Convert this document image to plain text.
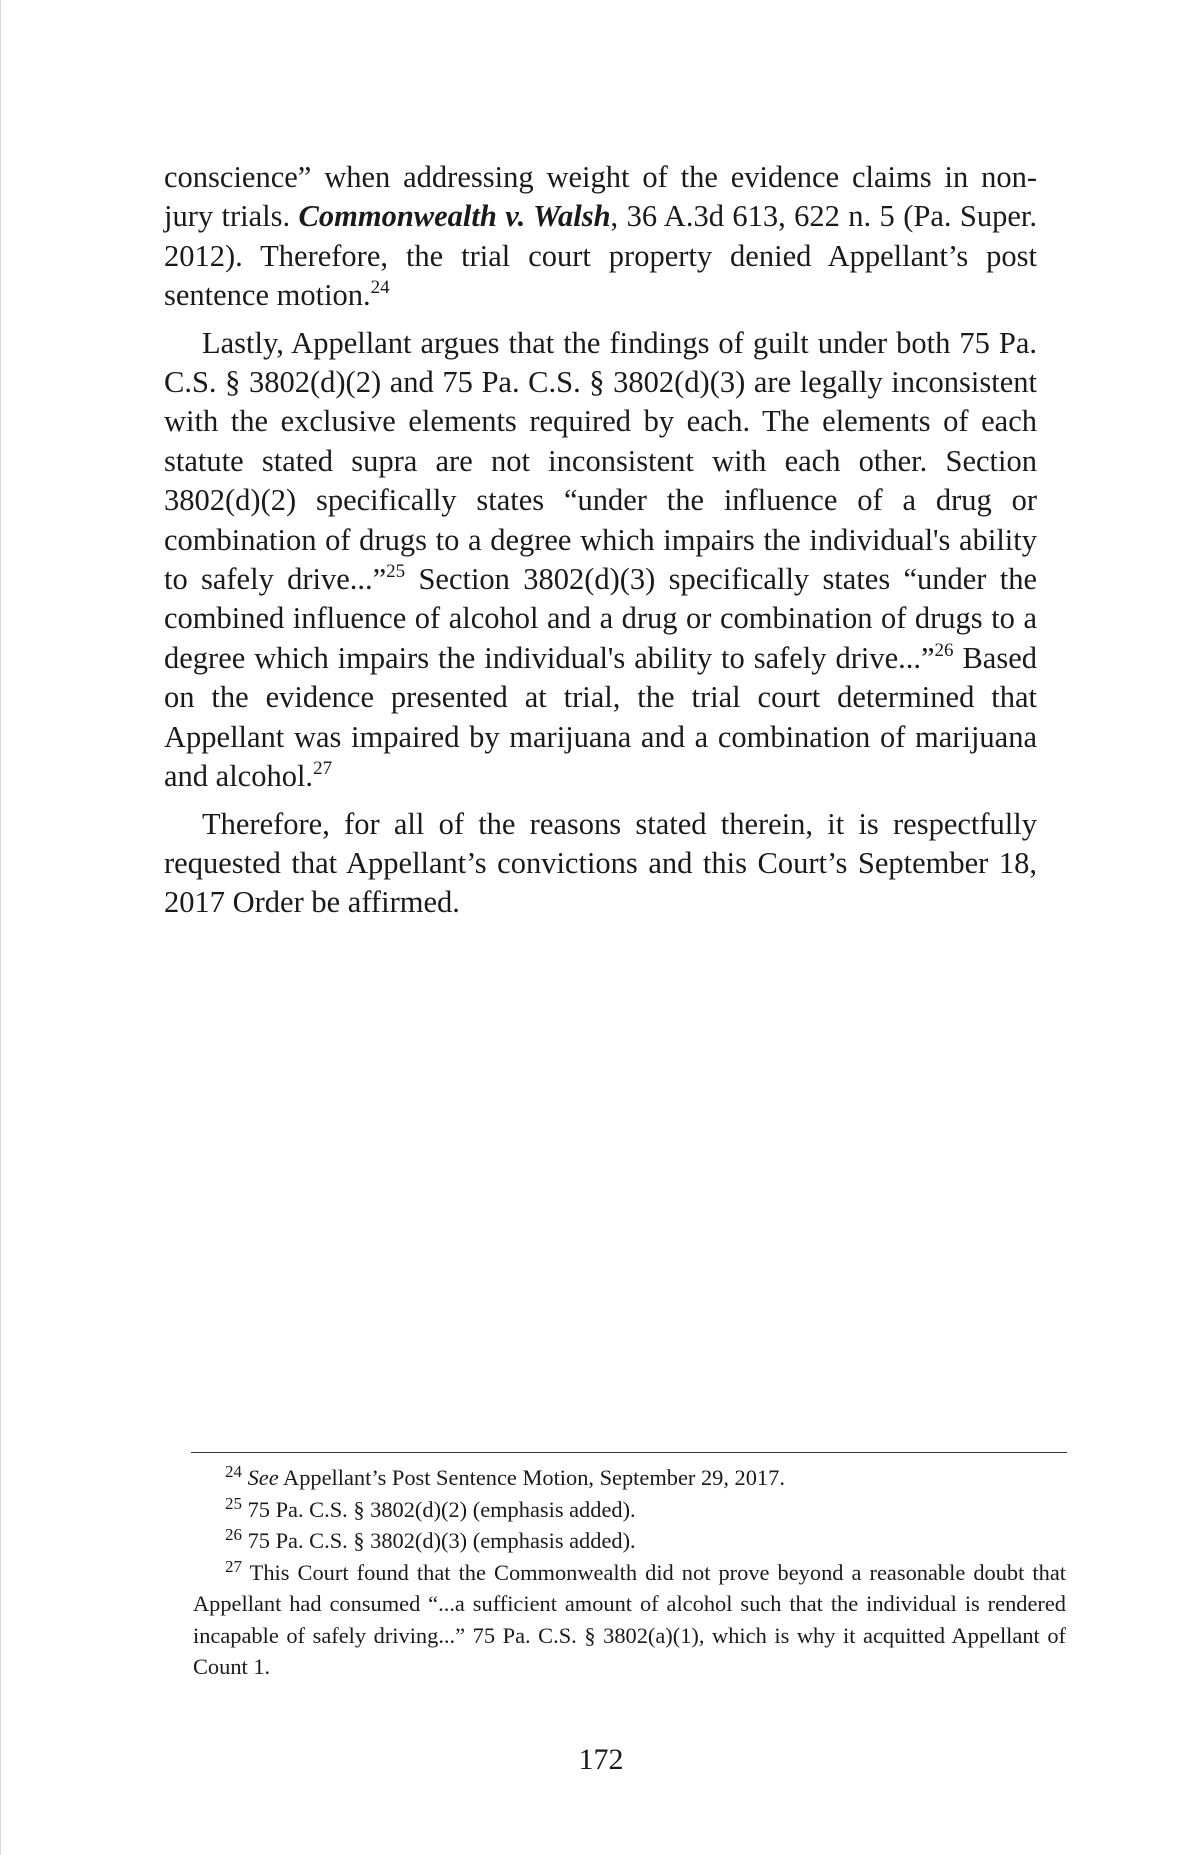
conscience” when addressing weight of the evidence claims in non-jury trials. Commonwealth v. Walsh, 36 A.3d 613, 622 n. 5 (Pa. Super. 2012). Therefore, the trial court property denied Appellant’s post sentence motion.$^{24}$

Lastly, Appellant argues that the findings of guilt under both 75 Pa. C.S. § 3802(d)(2) and 75 Pa. C.S. § 3802(d)(3) are legally inconsistent with the exclusive elements required by each. The elements of each statute stated supra are not inconsistent with each other. Section 3802(d)(2) specifically states “under the influence of a drug or combination of drugs to a degree which impairs the individual's ability to safely drive...”$^{25}$ Section 3802(d)(3) specifically states “under the combined influence of alcohol and a drug or combination of drugs to a degree which impairs the individual's ability to safely drive...”$^{26}$ Based on the evidence presented at trial, the trial court determined that Appellant was impaired by marijuana and a combination of marijuana and alcohol.$^{27}$

Therefore, for all of the reasons stated therein, it is respectfully requested that Appellant’s convictions and this Court’s September 18, 2017 Order be affirmed.

$^{24}$ See Appellant’s Post Sentence Motion, September 29, 2017.

$^{25}$ 75 Pa. C.S. § 3802(d)(2) (emphasis added).

$^{26}$ 75 Pa. C.S. § 3802(d)(3) (emphasis added).

$^{27}$ This Court found that the Commonwealth did not prove beyond a reasonable doubt that Appellant had consumed “...a sufficient amount of alcohol such that the individual is rendered incapable of safely driving...” 75 Pa. C.S. § 3802(a)(1), which is why it acquitted Appellant of Count 1.

172
